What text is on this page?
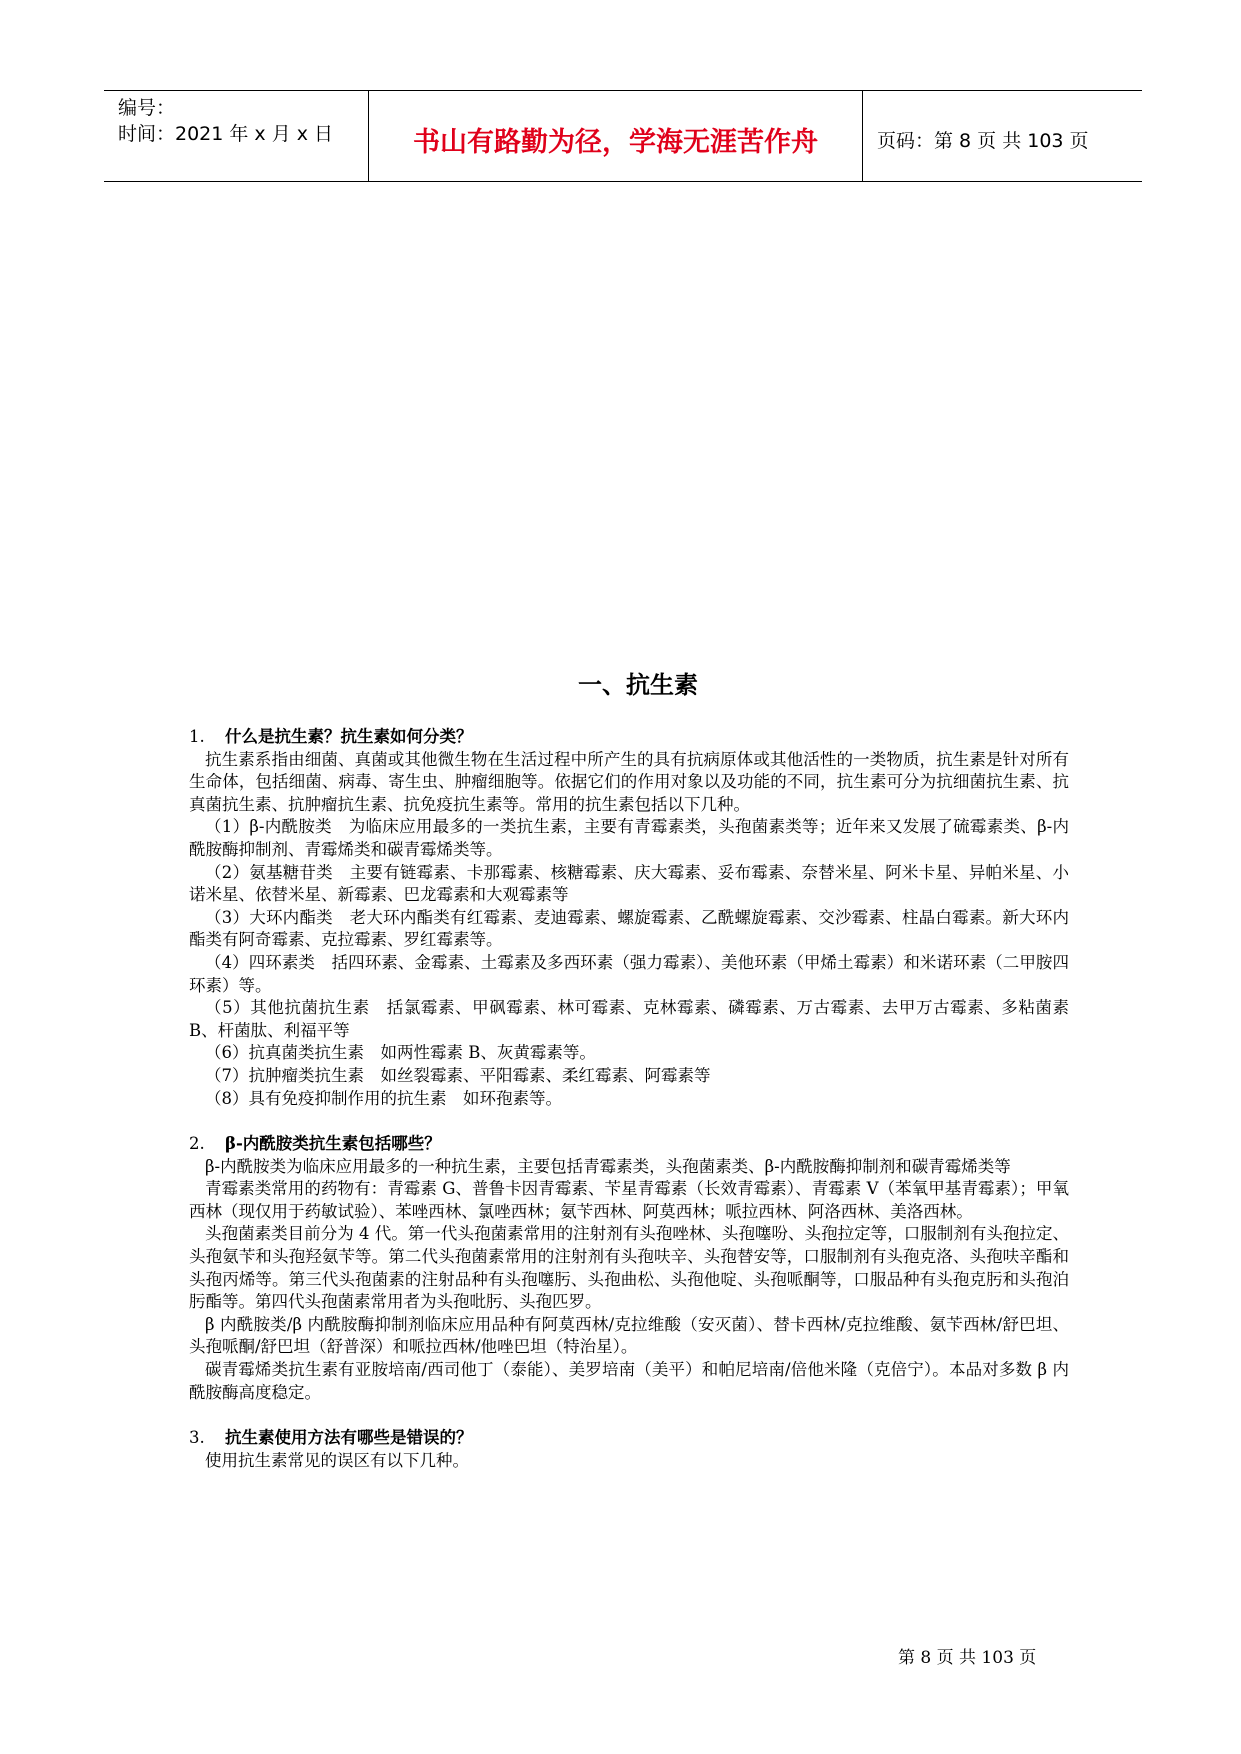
编号：
时间：2021 年 x 月 x 日	书山有路勤为径，学海无涯苦作舟	页码：第 8 页 共 103 页
一、抗生素

1. 什么是抗生素？抗生素如何分类？

抗生素系指由细菌、真菌或其他微生物在生活过程中所产生的具有抗病原体或其他活性的一类物质，抗生素是针对所有生命体，包括细菌、病毒、寄生虫、肿瘤细胞等。依据它们的作用对象以及功能的不同，抗生素可分为抗细菌抗生素、抗真菌抗生素、抗肿瘤抗生素、抗免疫抗生素等。常用的抗生素包括以下几种。

（1）β-内酰胺类　为临床应用最多的一类抗生素，主要有青霉素类，头孢菌素类等；近年来又发展了硫霉素类、β-内酰胺酶抑制剂、青霉烯类和碳青霉烯类等。

（2）氨基糖苷类　主要有链霉素、卡那霉素、核糖霉素、庆大霉素、妥布霉素、奈替米星、阿米卡星、异帕米星、小诺米星、依替米星、新霉素、巴龙霉素和大观霉素等

（3）大环内酯类　老大环内酯类有红霉素、麦迪霉素、螺旋霉素、乙酰螺旋霉素、交沙霉素、柱晶白霉素。新大环内酯类有阿奇霉素、克拉霉素、罗红霉素等。

（4）四环素类　括四环素、金霉素、土霉素及多西环素（强力霉素）、美他环素（甲烯土霉素）和米诺环素（二甲胺四环素）等。

（5）其他抗菌抗生素　括氯霉素、甲砜霉素、林可霉素、克林霉素、磷霉素、万古霉素、去甲万古霉素、多粘菌素 B、杆菌肽、利福平等

（6）抗真菌类抗生素　如两性霉素 B、灰黄霉素等。

（7）抗肿瘤类抗生素　如丝裂霉素、平阳霉素、柔红霉素、阿霉素等

（8）具有免疫抑制作用的抗生素　如环孢素等。

2. β-内酰胺类抗生素包括哪些？

β-内酰胺类为临床应用最多的一种抗生素，主要包括青霉素类，头孢菌素类、β-内酰胺酶抑制剂和碳青霉烯类等

青霉素类常用的药物有：青霉素 G、普鲁卡因青霉素、苄星青霉素（长效青霉素）、青霉素 V（苯氧甲基青霉素）；甲氧西林（现仅用于药敏试验）、苯唑西林、氯唑西林；氨苄西林、阿莫西林；哌拉西林、阿洛西林、美洛西林。

头孢菌素类目前分为 4 代。第一代头孢菌素常用的注射剂有头孢唑林、头孢噻吩、头孢拉定等，口服制剂有头孢拉定、头孢氨苄和头孢羟氨苄等。第二代头孢菌素常用的注射剂有头孢呋辛、头孢替安等，口服制剂有头孢克洛、头孢呋辛酯和头孢丙烯等。第三代头孢菌素的注射品种有头孢噻肟、头孢曲松、头孢他啶、头孢哌酮等，口服品种有头孢克肟和头孢泊肟酯等。第四代头孢菌素常用者为头孢吡肟、头孢匹罗。

β 内酰胺类/β 内酰胺酶抑制剂临床应用品种有阿莫西林/克拉维酸（安灭菌）、替卡西林/克拉维酸、氨苄西林/舒巴坦、头孢哌酮/舒巴坦（舒普深）和哌拉西林/他唑巴坦（特治星）。

碳青霉烯类抗生素有亚胺培南/西司他丁（泰能）、美罗培南（美平）和帕尼培南/倍他米隆（克倍宁）。本品对多数 β 内酰胺酶高度稳定。

3. 抗生素使用方法有哪些是错误的？

使用抗生素常见的误区有以下几种。

第 8 页 共 103 页
